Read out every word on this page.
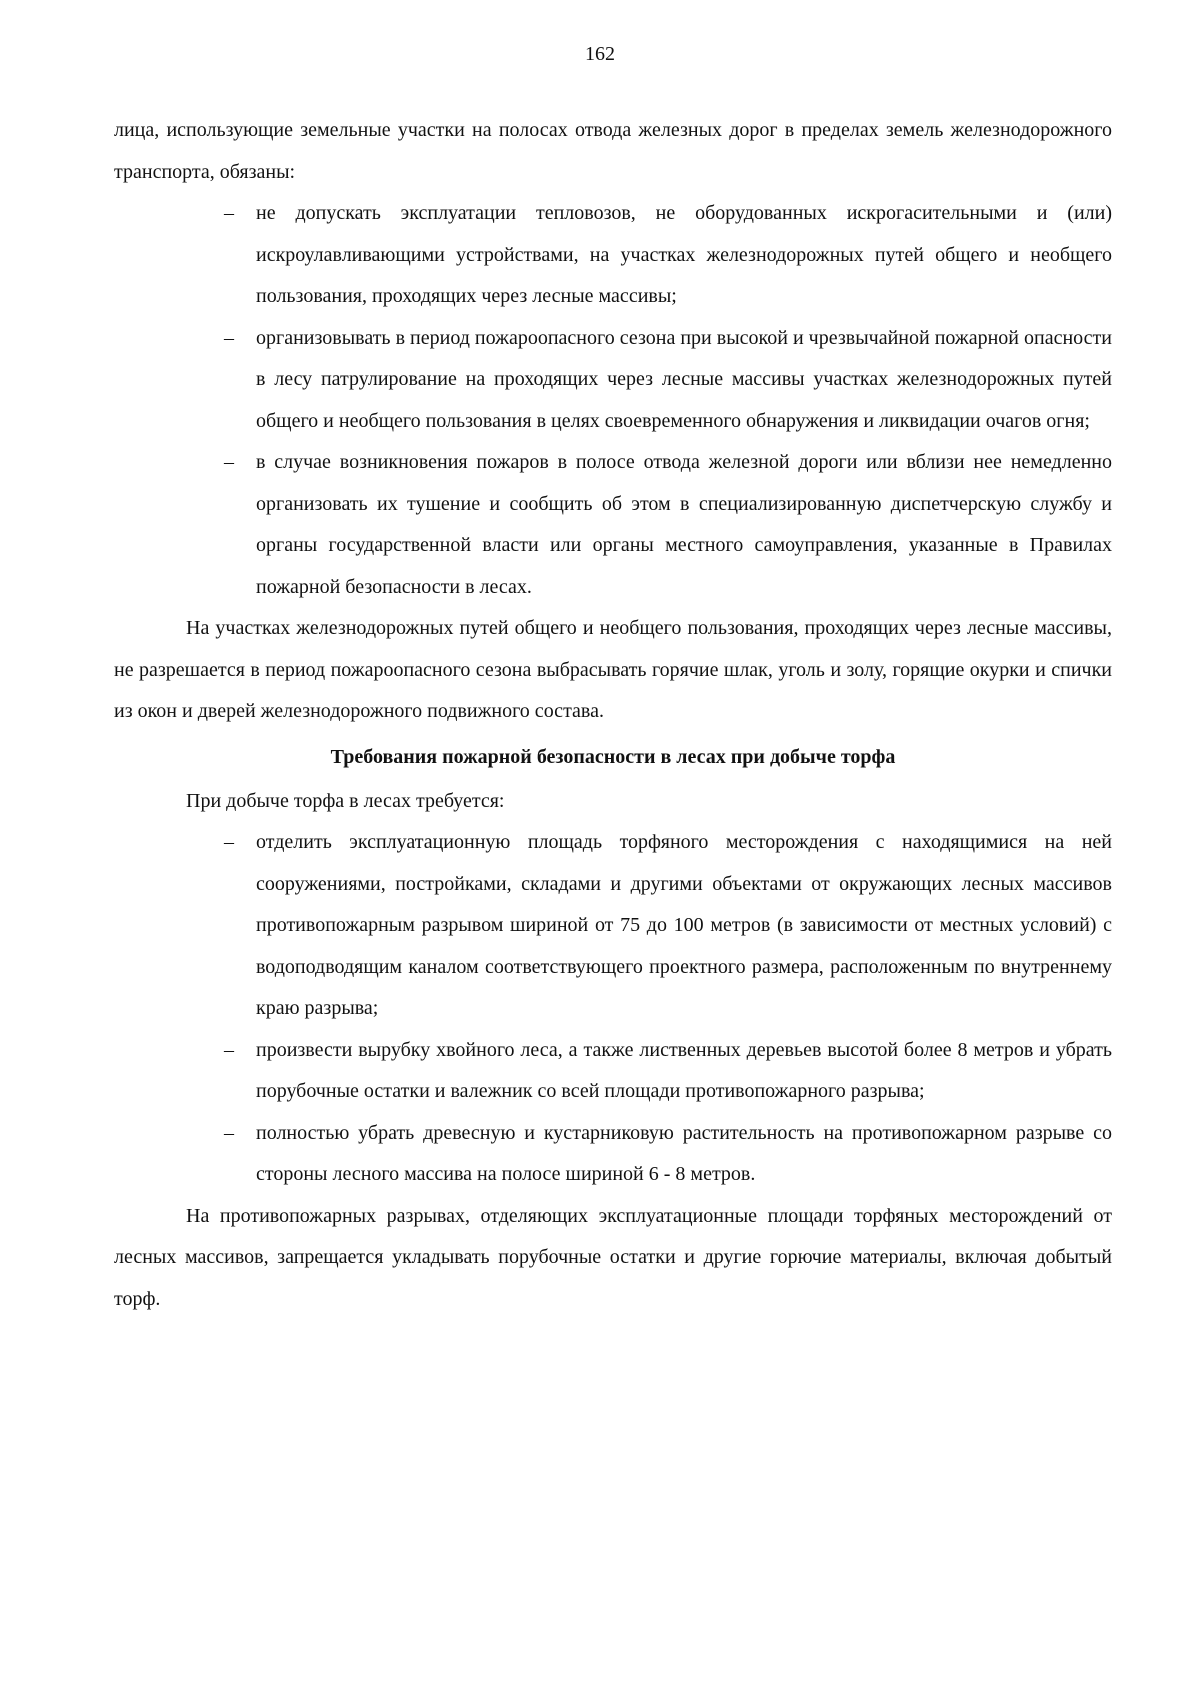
162

лица, использующие земельные участки на полосах отвода железных дорог в пределах земель железнодорожного транспорта, обязаны:

– не допускать эксплуатации тепловозов, не оборудованных искрогасительными и (или) искроулавливающими устройствами, на участках железнодорожных путей общего и необщего пользования, проходящих через лесные массивы;
– организовывать в период пожароопасного сезона при высокой и чрезвычайной пожарной опасности в лесу патрулирование на проходящих через лесные массивы участках железнодорожных путей общего и необщего пользования в целях своевременного обнаружения и ликвидации очагов огня;
– в случае возникновения пожаров в полосе отвода железной дороги или вблизи нее немедленно организовать их тушение и сообщить об этом в специализированную диспетчерскую службу и органы государственной власти или органы местного самоуправления, указанные в Правилах пожарной безопасности в лесах.

На участках железнодорожных путей общего и необщего пользования, проходящих через лесные массивы, не разрешается в период пожароопасного сезона выбрасывать горячие шлак, уголь и золу, горящие окурки и спички из окон и дверей железнодорожного подвижного состава.

Требования пожарной безопасности в лесах при добыче торфа

При добыче торфа в лесах требуется:

– отделить эксплуатационную площадь торфяного месторождения с находящимися на ней сооружениями, постройками, складами и другими объектами от окружающих лесных массивов противопожарным разрывом шириной от 75 до 100 метров (в зависимости от местных условий) с водоподводящим каналом соответствующего проектного размера, расположенным по внутреннему краю разрыва;
– произвести вырубку хвойного леса, а также лиственных деревьев высотой более 8 метров и убрать порубочные остатки и валежник со всей площади противопожарного разрыва;
– полностью убрать древесную и кустарниковую растительность на противопожарном разрыве со стороны лесного массива на полосе шириной 6 - 8 метров.

На противопожарных разрывах, отделяющих эксплуатационные площади торфяных месторождений от лесных массивов, запрещается укладывать порубочные остатки и другие горючие материалы, включая добытый торф.
